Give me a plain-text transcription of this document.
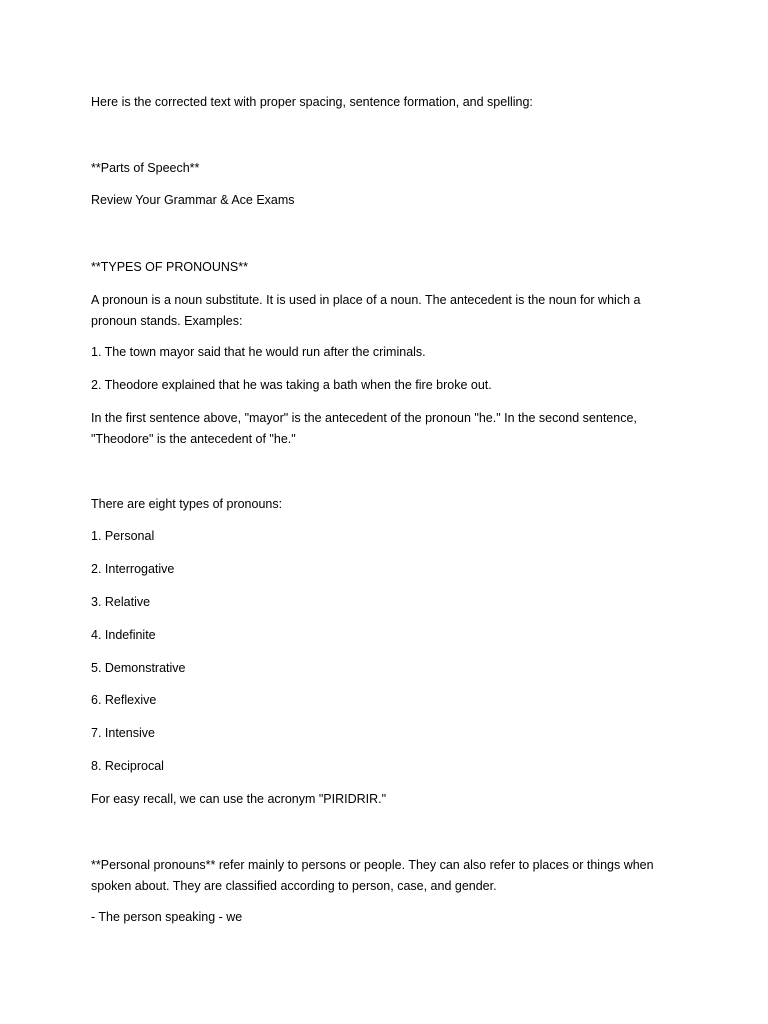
Here is the corrected text with proper spacing, sentence formation, and spelling:

**Parts of Speech**

Review Your Grammar & Ace Exams

**TYPES OF PRONOUNS**

A pronoun is a noun substitute. It is used in place of a noun. The antecedent is the noun for which a pronoun stands. Examples:

1. The town mayor said that he would run after the criminals.

2. Theodore explained that he was taking a bath when the fire broke out.

In the first sentence above, "mayor" is the antecedent of the pronoun "he." In the second sentence, "Theodore" is the antecedent of "he."

There are eight types of pronouns:

1. Personal

2. Interrogative

3. Relative

4. Indefinite

5. Demonstrative

6. Reflexive

7. Intensive

8. Reciprocal

For easy recall, we can use the acronym "PIRIDRIR."

**Personal pronouns** refer mainly to persons or people. They can also refer to places or things when spoken about. They are classified according to person, case, and gender.

- The person speaking - we
